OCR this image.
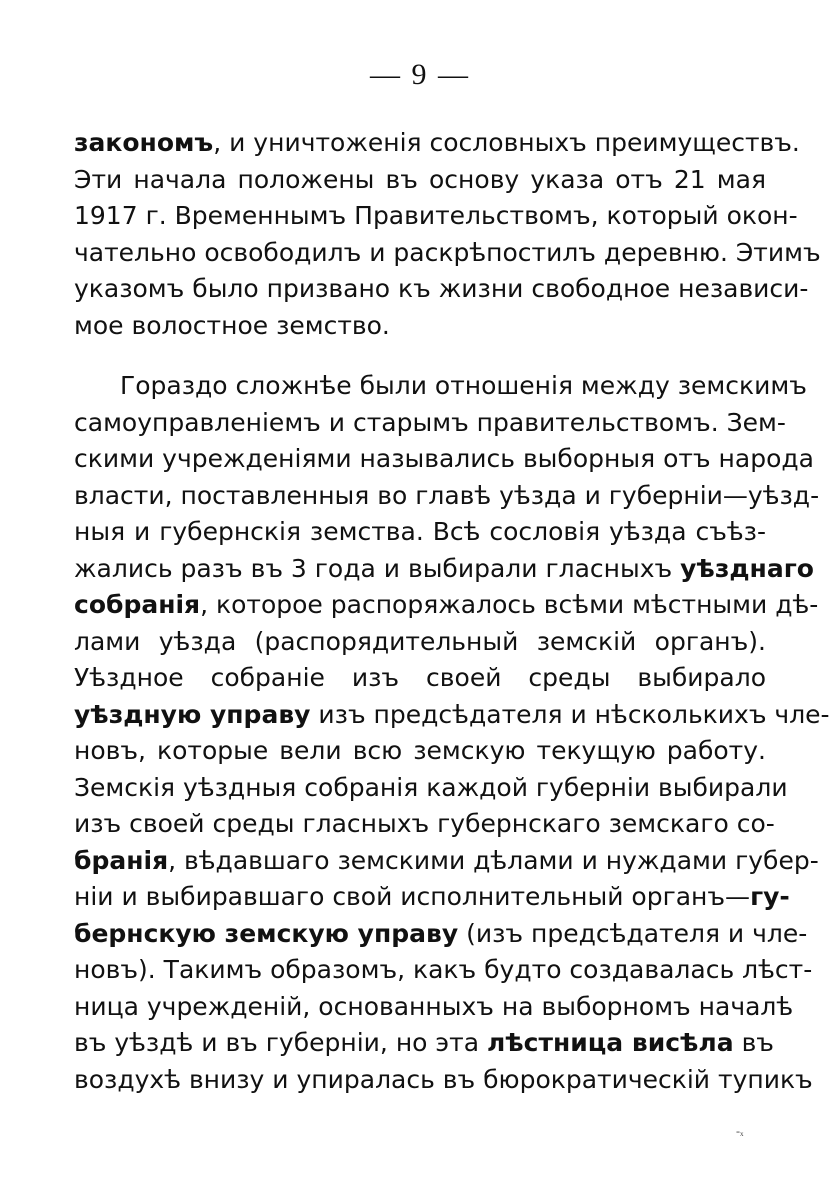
— 9 —
закономъ, и уничтоженія сословныхъ преимуществъ.
Эти начала положены въ основу указа отъ 21 мая
1917 г. Временнымъ Правительствомъ, который окон-
чательно освободилъ и раскрѣпостилъ деревню. Этимъ
указомъ было призвано къ жизни свободное независи-
мое волостное земство.
Гораздо сложнѣе были отношенія между земскимъ
самоуправленіемъ и старымъ правительствомъ. Зем-
скими учрежденіями назывались выборныя отъ народа
власти, поставленныя во главѣ уѣзда и губерніи—уѣзд-
ныя и губернскія земства. Всѣ сословія уѣзда съѣз-
жались разъ въ 3 года и выбирали гласныхъ уѣзднаго
собранія, которое распоряжалось всѣми мѣстными дѣ-
лами уѣзда (распорядительный земскій органъ).
Уѣздное собраніе изъ своей среды выбирало
уѣздную управу изъ предсѣдателя и нѣсколькихъ чле-
новъ, которые вели всю земскую текущую работу.
Земскія уѣздныя собранія каждой губерніи выбирали
изъ своей среды гласныхъ губернскаго земскаго со-
бранія, вѣдавшаго земскими дѣлами и нуждами губер-
ніи и выбиравшаго свой исполнительный органъ—гу-
бернскую земскую управу (изъ предсѣдателя и чле-
новъ). Такимъ образомъ, какъ будто создавалась лѣст-
ница учрежденій, основанныхъ на выборномъ началѣ
въ уѣздѣ и въ губерніи, но эта лѣстница висѣла въ
воздухѣ внизу и упиралась въ бюрократическій тупикъ
-ₓ
